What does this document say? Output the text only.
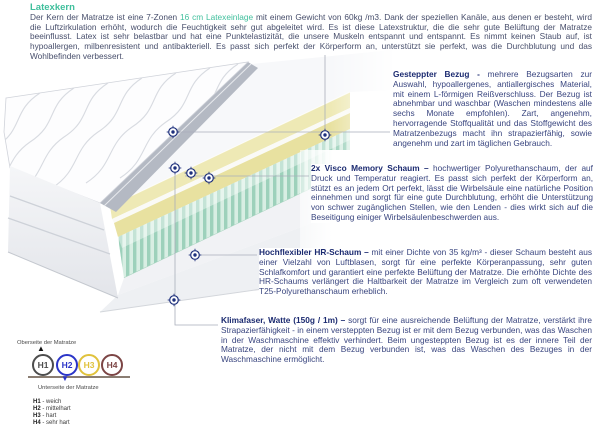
Latexkern
Der Kern der Matratze ist eine 7-Zonen 16 cm Latexeinlage mit einem Gewicht von 60kg /m3. Dank der speziellen Kanäle, aus denen er besteht, wird die Luftzirkulation erhöht, wodurch die Feuchtigkeit sehr gut abgeleitet wird. Es ist diese Latexstruktur, die die sehr gute Belüftung der Matratze beeinflusst. Latex ist sehr belastbar und hat eine Punktelastizität, die unsere Muskeln entspannt und entspannt. Es nimmt keinen Staub auf, ist hypoallergen, milbenresistent und antibakteriell. Es passt sich perfekt der Körperform an, unterstützt sie perfekt, was die Durchblutung und das Wohlbefinden verbessert.
Gesteppter Bezug - mehrere Bezugsarten zur Auswahl, hypoallergenes, antiallergisches Material, mit einem L-förmigen Reißverschluss. Der Bezug ist abnehmbar und waschbar (Waschen mindestens alle sechs Monate empfohlen). Zart, angenehm, hervorragende Stoffqualität und das Stoffgewicht des Matratzenbezugs macht ihn strapazierfähig, sowie angenehm und zart im täglichen Gebrauch.
2x Visco Memory Schaum – hochwertiger Polyurethanschaum, der auf Druck und Temperatur reagiert. Es passt sich perfekt der Körperform an, stützt es an jedem Ort perfekt, lässt die Wirbelsäule eine natürliche Position einnehmen und sorgt für eine gute Durchblutung, erhöht die Unterstützung von schwer zugänglichen Stellen, wie den Lenden - dies wirkt sich auf die Beseitigung einiger Wirbelsäulenbeschwerden aus.
Hochflexibler HR-Schaum – mit einer Dichte von 35 kg/m³ - dieser Schaum besteht aus einer Vielzahl von Luftblasen, sorgt für eine perfekte Körperanpassung, sehr guten Schlafkomfort und garantiert eine perfekte Belüftung der Matratze. Die erhöhte Dichte des HR-Schaums verlängert die Haltbarkeit der Matratze im Vergleich zum oft verwendeten T25-Polyurethanschaum erheblich.
Klimafaser, Watte (150g / 1m) – sorgt für eine ausreichende Belüftung der Matratze, verstärkt ihre Strapazierfähigkeit - in einem versteppten Bezug ist er mit dem Bezug verbunden, was das Waschen in der Waschmaschine effektiv verhindert. Beim ungesteppten Bezug ist es der innere Teil der Matratze, der nicht mit dem Bezug verbunden ist, was das Waschen des Bezuges in der Waschmaschine ermöglicht.
Oberseite der Matratze
▲
H1	H2	H3	H4
▼
Unterseite der Matratze
H1 - weich
H2 - mittelhart
H3 - hart
H4 - sehr hart
